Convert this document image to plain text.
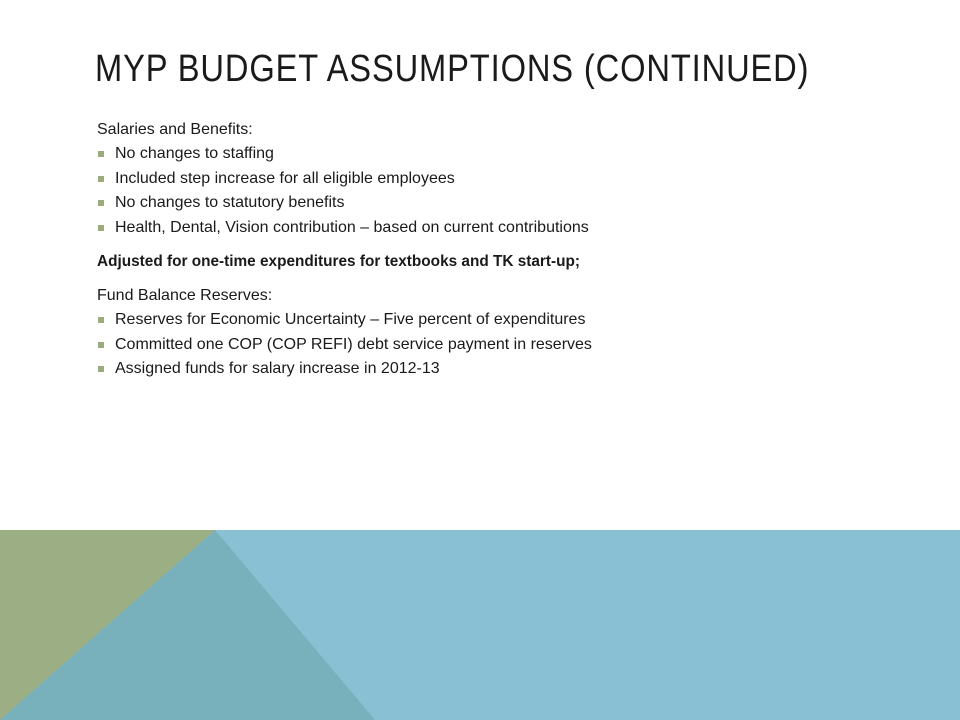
MYP BUDGET ASSUMPTIONS (CONTINUED)

Salaries and Benefits:

No changes to staffing
Included step increase for all eligible employees
No changes to statutory benefits
Health, Dental, Vision contribution – based on current contributions

Adjusted for one-time expenditures for textbooks and TK start-up;

Fund Balance Reserves:

Reserves for Economic Uncertainty – Five percent of expenditures
Committed one COP (COP REFI) debt service payment in reserves
Assigned funds for salary increase in 2012-13
